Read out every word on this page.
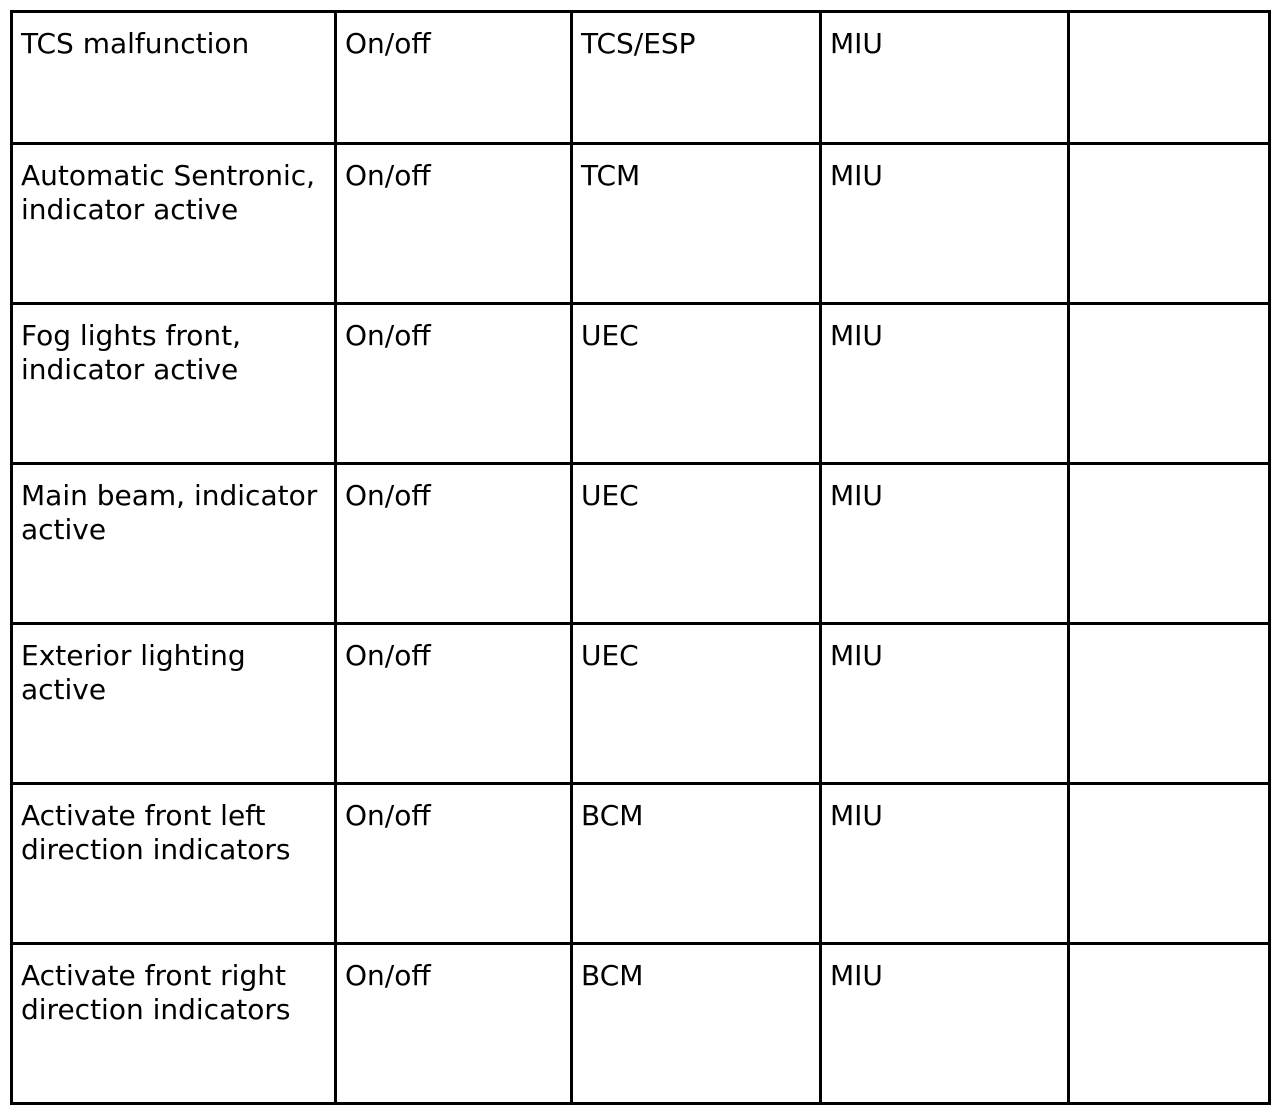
TCS malfunction	On/off	TCS/ESP	MIU	
Automatic Sentronic, indicator active	On/off	TCM	MIU	
Fog lights front, indicator active	On/off	UEC	MIU	
Main beam, indicator active	On/off	UEC	MIU	
Exterior lighting active	On/off	UEC	MIU	
Activate front left direction indicators	On/off	BCM	MIU	
Activate front right direction indicators	On/off	BCM	MIU	
